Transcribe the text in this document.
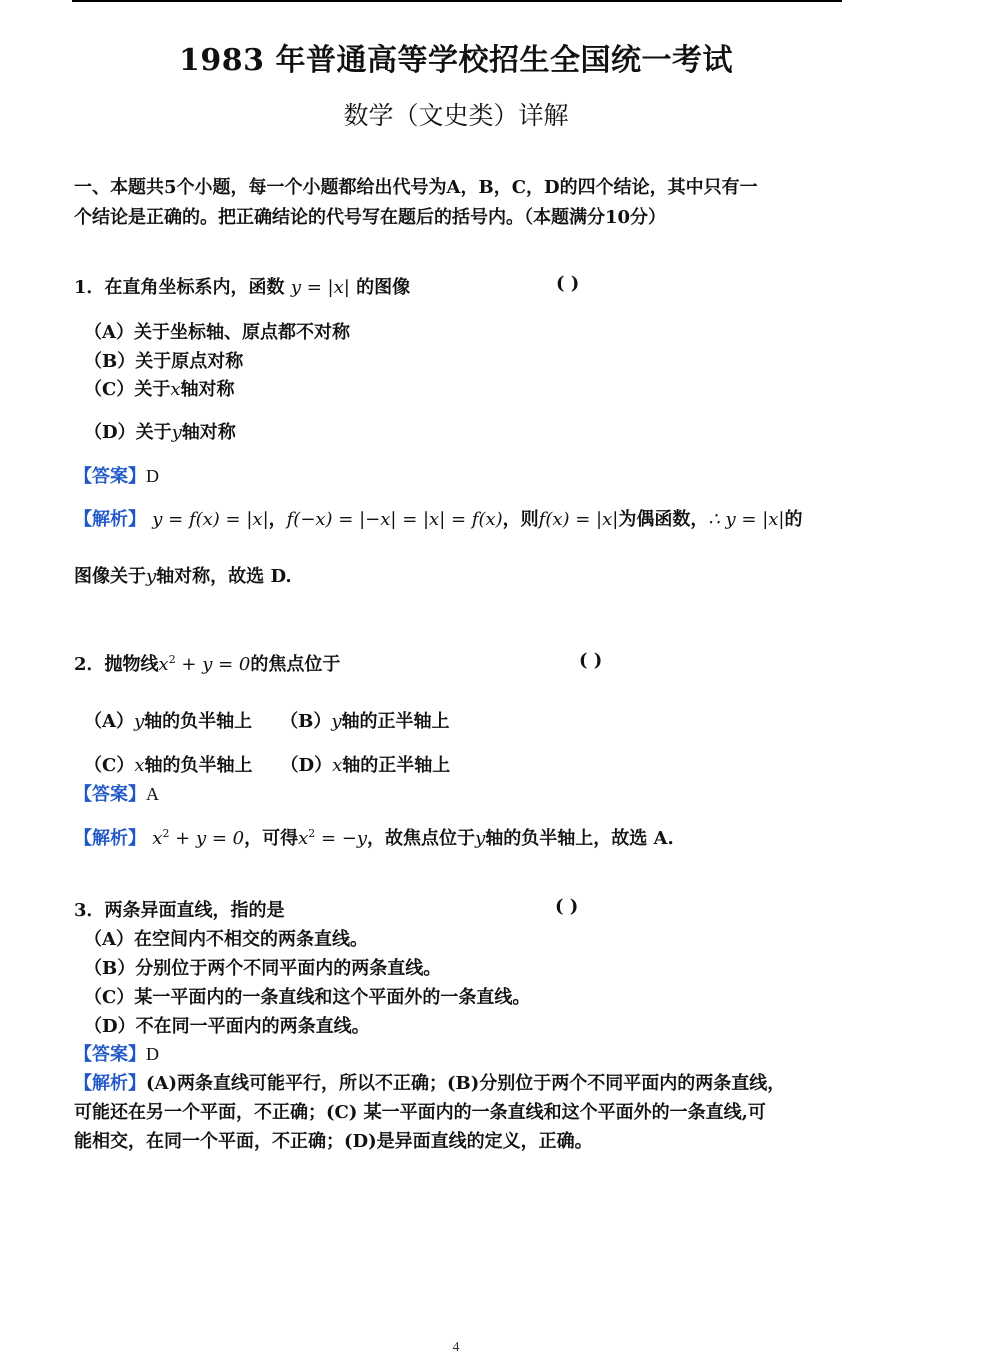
1983 年普通高等学校招生全国统一考试
数学（文史类）详解
一、本题共5个小题，每一个小题都给出代号为A，B，C，D的四个结论，其中只有一
个结论是正确的。把正确结论的代号写在题后的括号内。（本题满分10分）
1．在直角坐标系内，函数 y = |x| 的图像	( )
（A）关于坐标轴、原点都不对称
（B）关于原点对称
（C）关于x轴对称
（D）关于y轴对称
【答案】D
【解析】 y = f(x) = |x|，f(−x) = |−x| = |x| = f(x)，则f(x) = |x|为偶函数，∴ y = |x|的
图像关于y轴对称，故选 D.
2．抛物线$x^2 + y = 0$的焦点位于	( )
（A）y轴的负半轴上 （B）y轴的正半轴上
（C）x轴的负半轴上 （D）x轴的正半轴上
【答案】A
【解析】 $x^2 + y = 0$，可得$x^2 = -y$，故焦点位于y轴的负半轴上，故选 A.
3．两条异面直线，指的是	( )
（A）在空间内不相交的两条直线。
（B）分别位于两个不同平面内的两条直线。
（C）某一平面内的一条直线和这个平面外的一条直线。
（D）不在同一平面内的两条直线。
【答案】D
【解析】(A)两条直线可能平行，所以不正确；(B)分别位于两个不同平面内的两条直线，
可能还在另一个平面，不正确；(C) 某一平面内的一条直线和这个平面外的一条直线,可
能相交，在同一个平面，不正确；(D)是异面直线的定义，正确。
4
